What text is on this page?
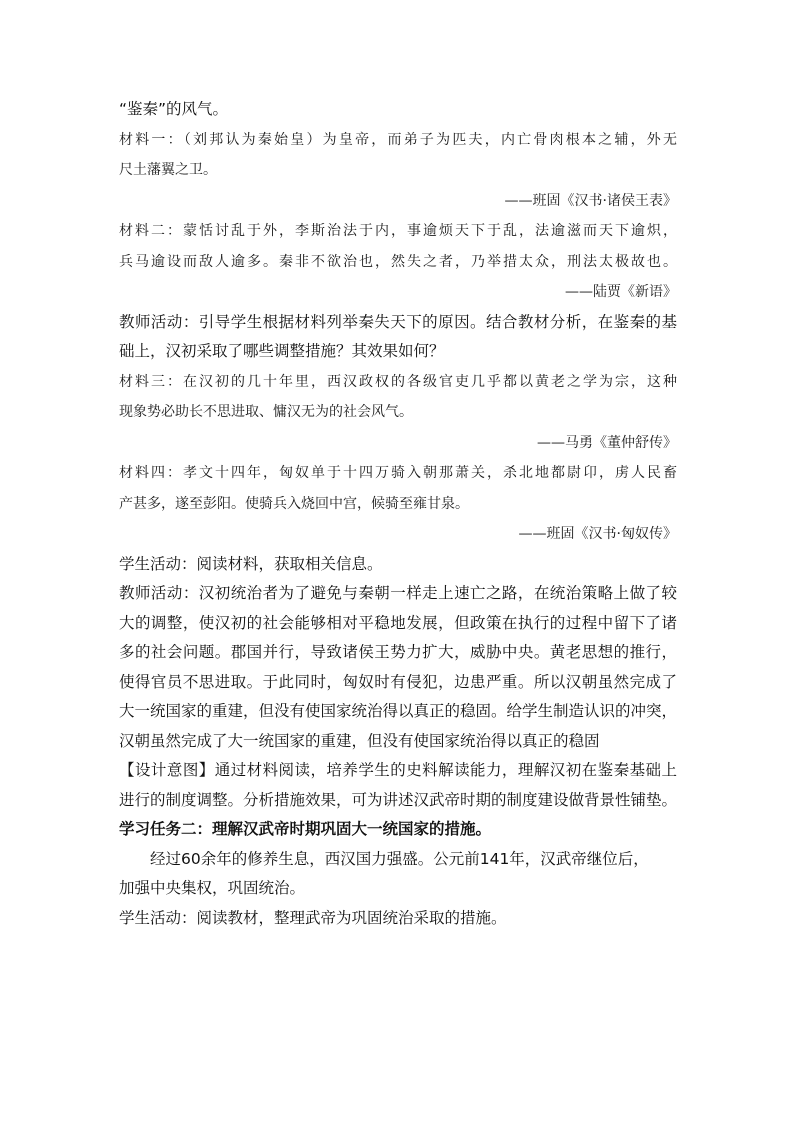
“鉴秦”的风气。
材料一：（刘邦认为秦始皇）为皇帝，而弟子为匹夫，内亡骨肉根本之辅，外无
尺土藩翼之卫。
——班固《汉书·诸侯王表》
材料二：蒙恬讨乱于外，李斯治法于内，事逾烦天下于乱，法逾滋而天下逾炽，
兵马逾设而敌人逾多。秦非不欲治也，然失之者，乃举措太众，刑法太极故也。
——陆贾《新语》
教师活动：引导学生根据材料列举秦失天下的原因。结合教材分析，在鉴秦的基
础上，汉初采取了哪些调整措施？其效果如何？
材料三：在汉初的几十年里，西汉政权的各级官吏几乎都以黄老之学为宗，这种
现象势必助长不思进取、慵汉无为的社会风气。
——马勇《董仲舒传》
材料四：孝文十四年，匈奴单于十四万骑入朝那萧关，杀北地都尉卬，虏人民畜
产甚多，遂至彭阳。使骑兵入烧回中宫，候骑至雍甘泉。
——班固《汉书·匈奴传》
学生活动：阅读材料，获取相关信息。
教师活动：汉初统治者为了避免与秦朝一样走上速亡之路，在统治策略上做了较
大的调整，使汉初的社会能够相对平稳地发展，但政策在执行的过程中留下了诸
多的社会问题。郡国并行，导致诸侯王势力扩大，威胁中央。黄老思想的推行，
使得官员不思进取。于此同时，匈奴时有侵犯，边患严重。所以汉朝虽然完成了
大一统国家的重建，但没有使国家统治得以真正的稳固。给学生制造认识的冲突，
汉朝虽然完成了大一统国家的重建，但没有使国家统治得以真正的稳固
【设计意图】通过材料阅读，培养学生的史料解读能力，理解汉初在鉴秦基础上
进行的制度调整。分析措施效果，可为讲述汉武帝时期的制度建设做背景性铺垫。
学习任务二：理解汉武帝时期巩固大一统国家的措施。
经过60余年的修养生息，西汉国力强盛。公元前141年，汉武帝继位后，
加强中央集权，巩固统治。
学生活动：阅读教材，整理武帝为巩固统治采取的措施。
